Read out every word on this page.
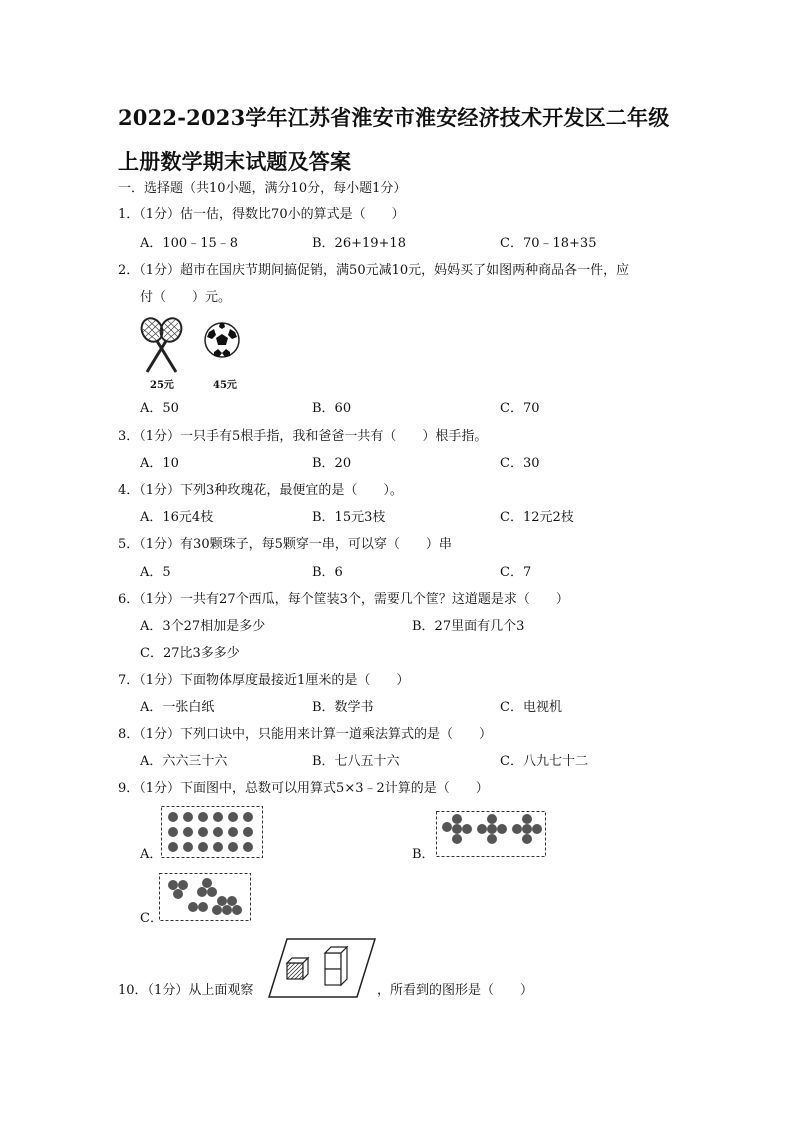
2022-2023学年江苏省淮安市淮安经济技术开发区二年级上册数学期末试题及答案
一．选择题（共10小题，满分10分，每小题1分）
1．（1分）估一估，得数比70小的算式是（　　）
A．100﹣15﹣8	B．26+19+18	C．70﹣18+35
2．（1分）超市在国庆节期间搞促销，满50元减10元，妈妈买了如图两种商品各一件，应
付（　　）元。
25元	45元
A．50	B．60	C．70
3．（1分）一只手有5根手指，我和爸爸一共有（　　）根手指。
A．10	B．20	C．30
4．（1分）下列3种玫瑰花，最便宜的是（　　）。
A．16元4枝	B．15元3枝	C．12元2枝
5．（1分）有30颗珠子，每5颗穿一串，可以穿（　　）串
A．5	B．6	C．7
6．（1分）一共有27个西瓜，每个筐装3个，需要几个筐？这道题是求（　　）
A．3个27相加是多少	B．27里面有几个3
C．27比3多多少
7．（1分）下面物体厚度最接近1厘米的是（　　）
A．一张白纸	B．数学书	C．电视机
8．（1分）下列口诀中，只能用来计算一道乘法算式的是（　　）
A．六六三十六	B．七八五十六	C．八九七十二
9．（1分）下面图中，总数可以用算式5×3﹣2计算的是（　　）
A．	B．
C．
10．（1分）从上面观察	，所看到的图形是（　　）
